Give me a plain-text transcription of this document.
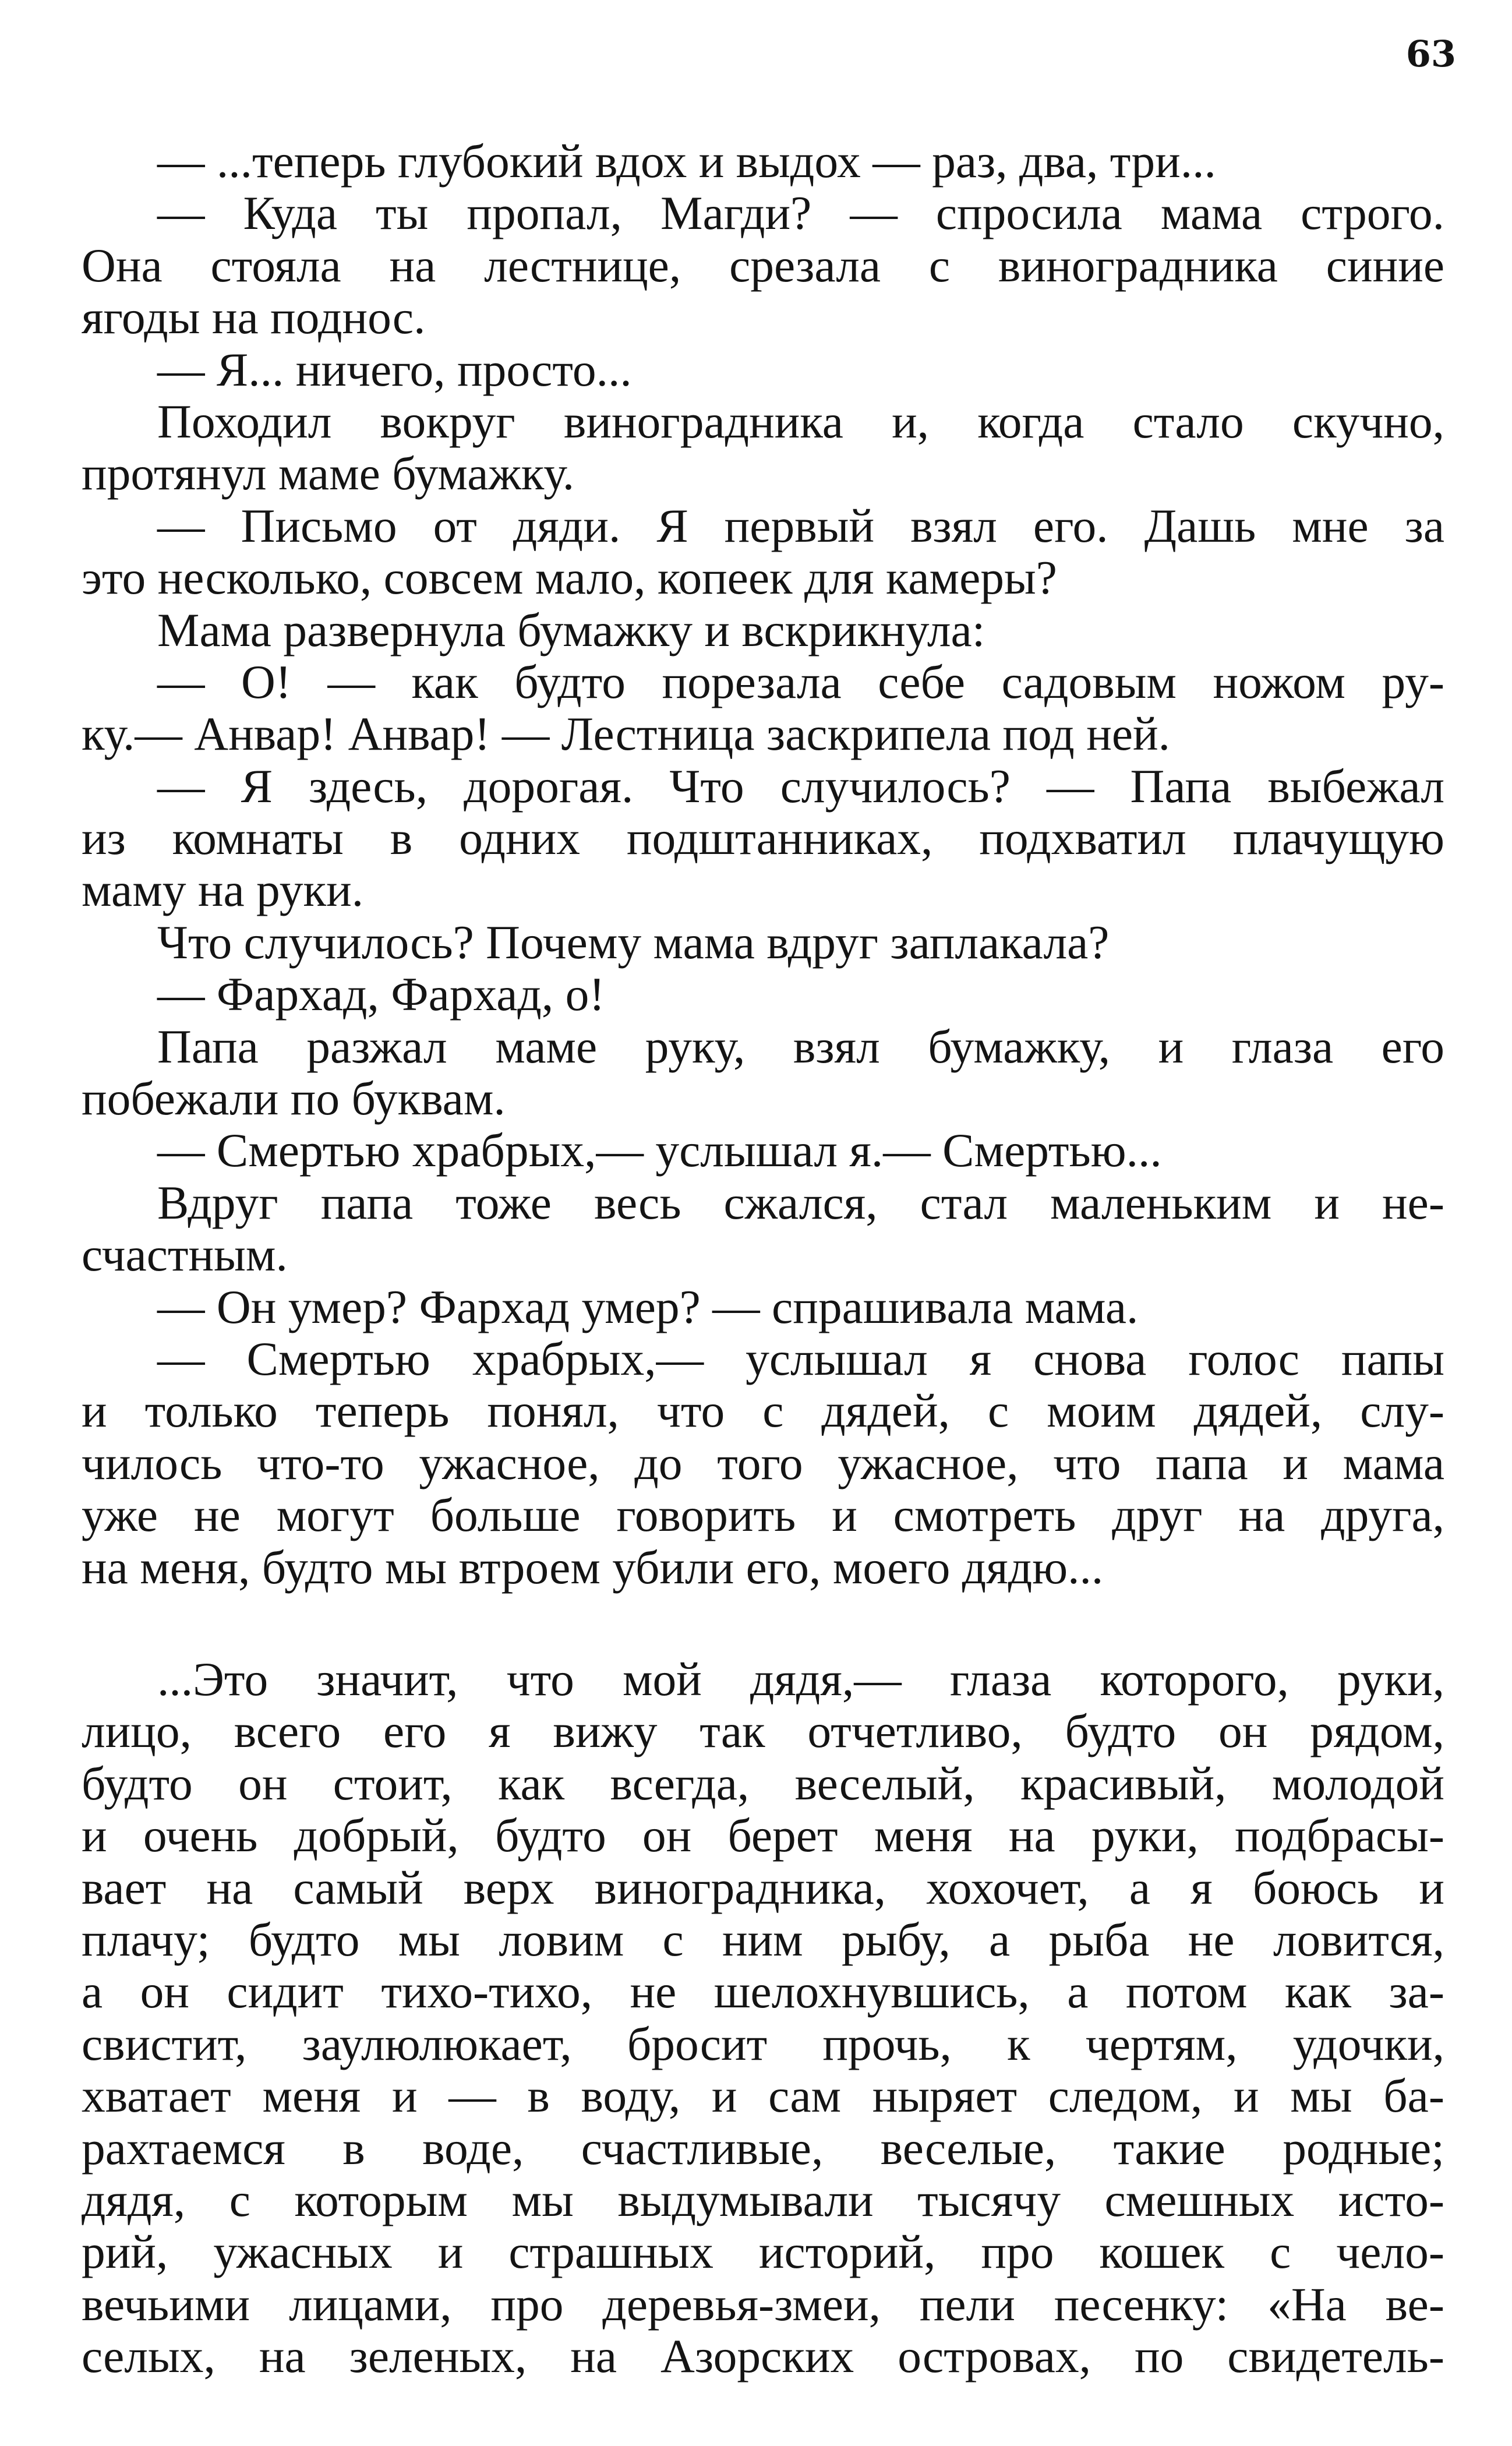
63
— ...теперь глубокий вдох и выдох — раз, два, три...
— Куда ты пропал, Магди? — спросила мама строго.
Она стояла на лестнице, срезала с виноградника синие
ягоды на поднос.
— Я... ничего, просто...
Походил вокруг виноградника и, когда стало скучно,
протянул маме бумажку.
— Письмо от дяди. Я первый взял его. Дашь мне за
это несколько, совсем мало, копеек для камеры?
Мама развернула бумажку и вскрикнула:
— О! — как будто порезала себе садовым ножом ру-
ку.— Анвар! Анвар! — Лестница заскрипела под ней.
— Я здесь, дорогая. Что случилось? — Папа выбежал
из комнаты в одних подштанниках, подхватил плачущую
маму на руки.
Что случилось? Почему мама вдруг заплакала?
— Фархад, Фархад, о!
Папа разжал маме руку, взял бумажку, и глаза его
побежали по буквам.
— Смертью храбрых,— услышал я.— Смертью...
Вдруг папа тоже весь сжался, стал маленьким и не-
счастным.
— Он умер? Фархад умер? — спрашивала мама.
— Смертью храбрых,— услышал я снова голос папы
и только теперь понял, что с дядей, с моим дядей, слу-
чилось что-то ужасное, до того ужасное, что папа и мама
уже не могут больше говорить и смотреть друг на друга,
на меня, будто мы втроем убили его, моего дядю...
...Это значит, что мой дядя,— глаза которого, руки,
лицо, всего его я вижу так отчетливо, будто он рядом,
будто он стоит, как всегда, веселый, красивый, молодой
и очень добрый, будто он берет меня на руки, подбрасы-
вает на самый верх виноградника, хохочет, а я боюсь и
плачу; будто мы ловим с ним рыбу, а рыба не ловится,
а он сидит тихо-тихо, не шелохнувшись, а потом как за-
свистит, заулюлюкает, бросит прочь, к чертям, удочки,
хватает меня и — в воду, и сам ныряет следом, и мы ба-
рахтаемся в воде, счастливые, веселые, такие родные;
дядя, с которым мы выдумывали тысячу смешных исто-
рий, ужасных и страшных историй, про кошек с чело-
вечьими лицами, про деревья-змеи, пели песенку: «На ве-
селых, на зеленых, на Азорских островах, по свидетель-
